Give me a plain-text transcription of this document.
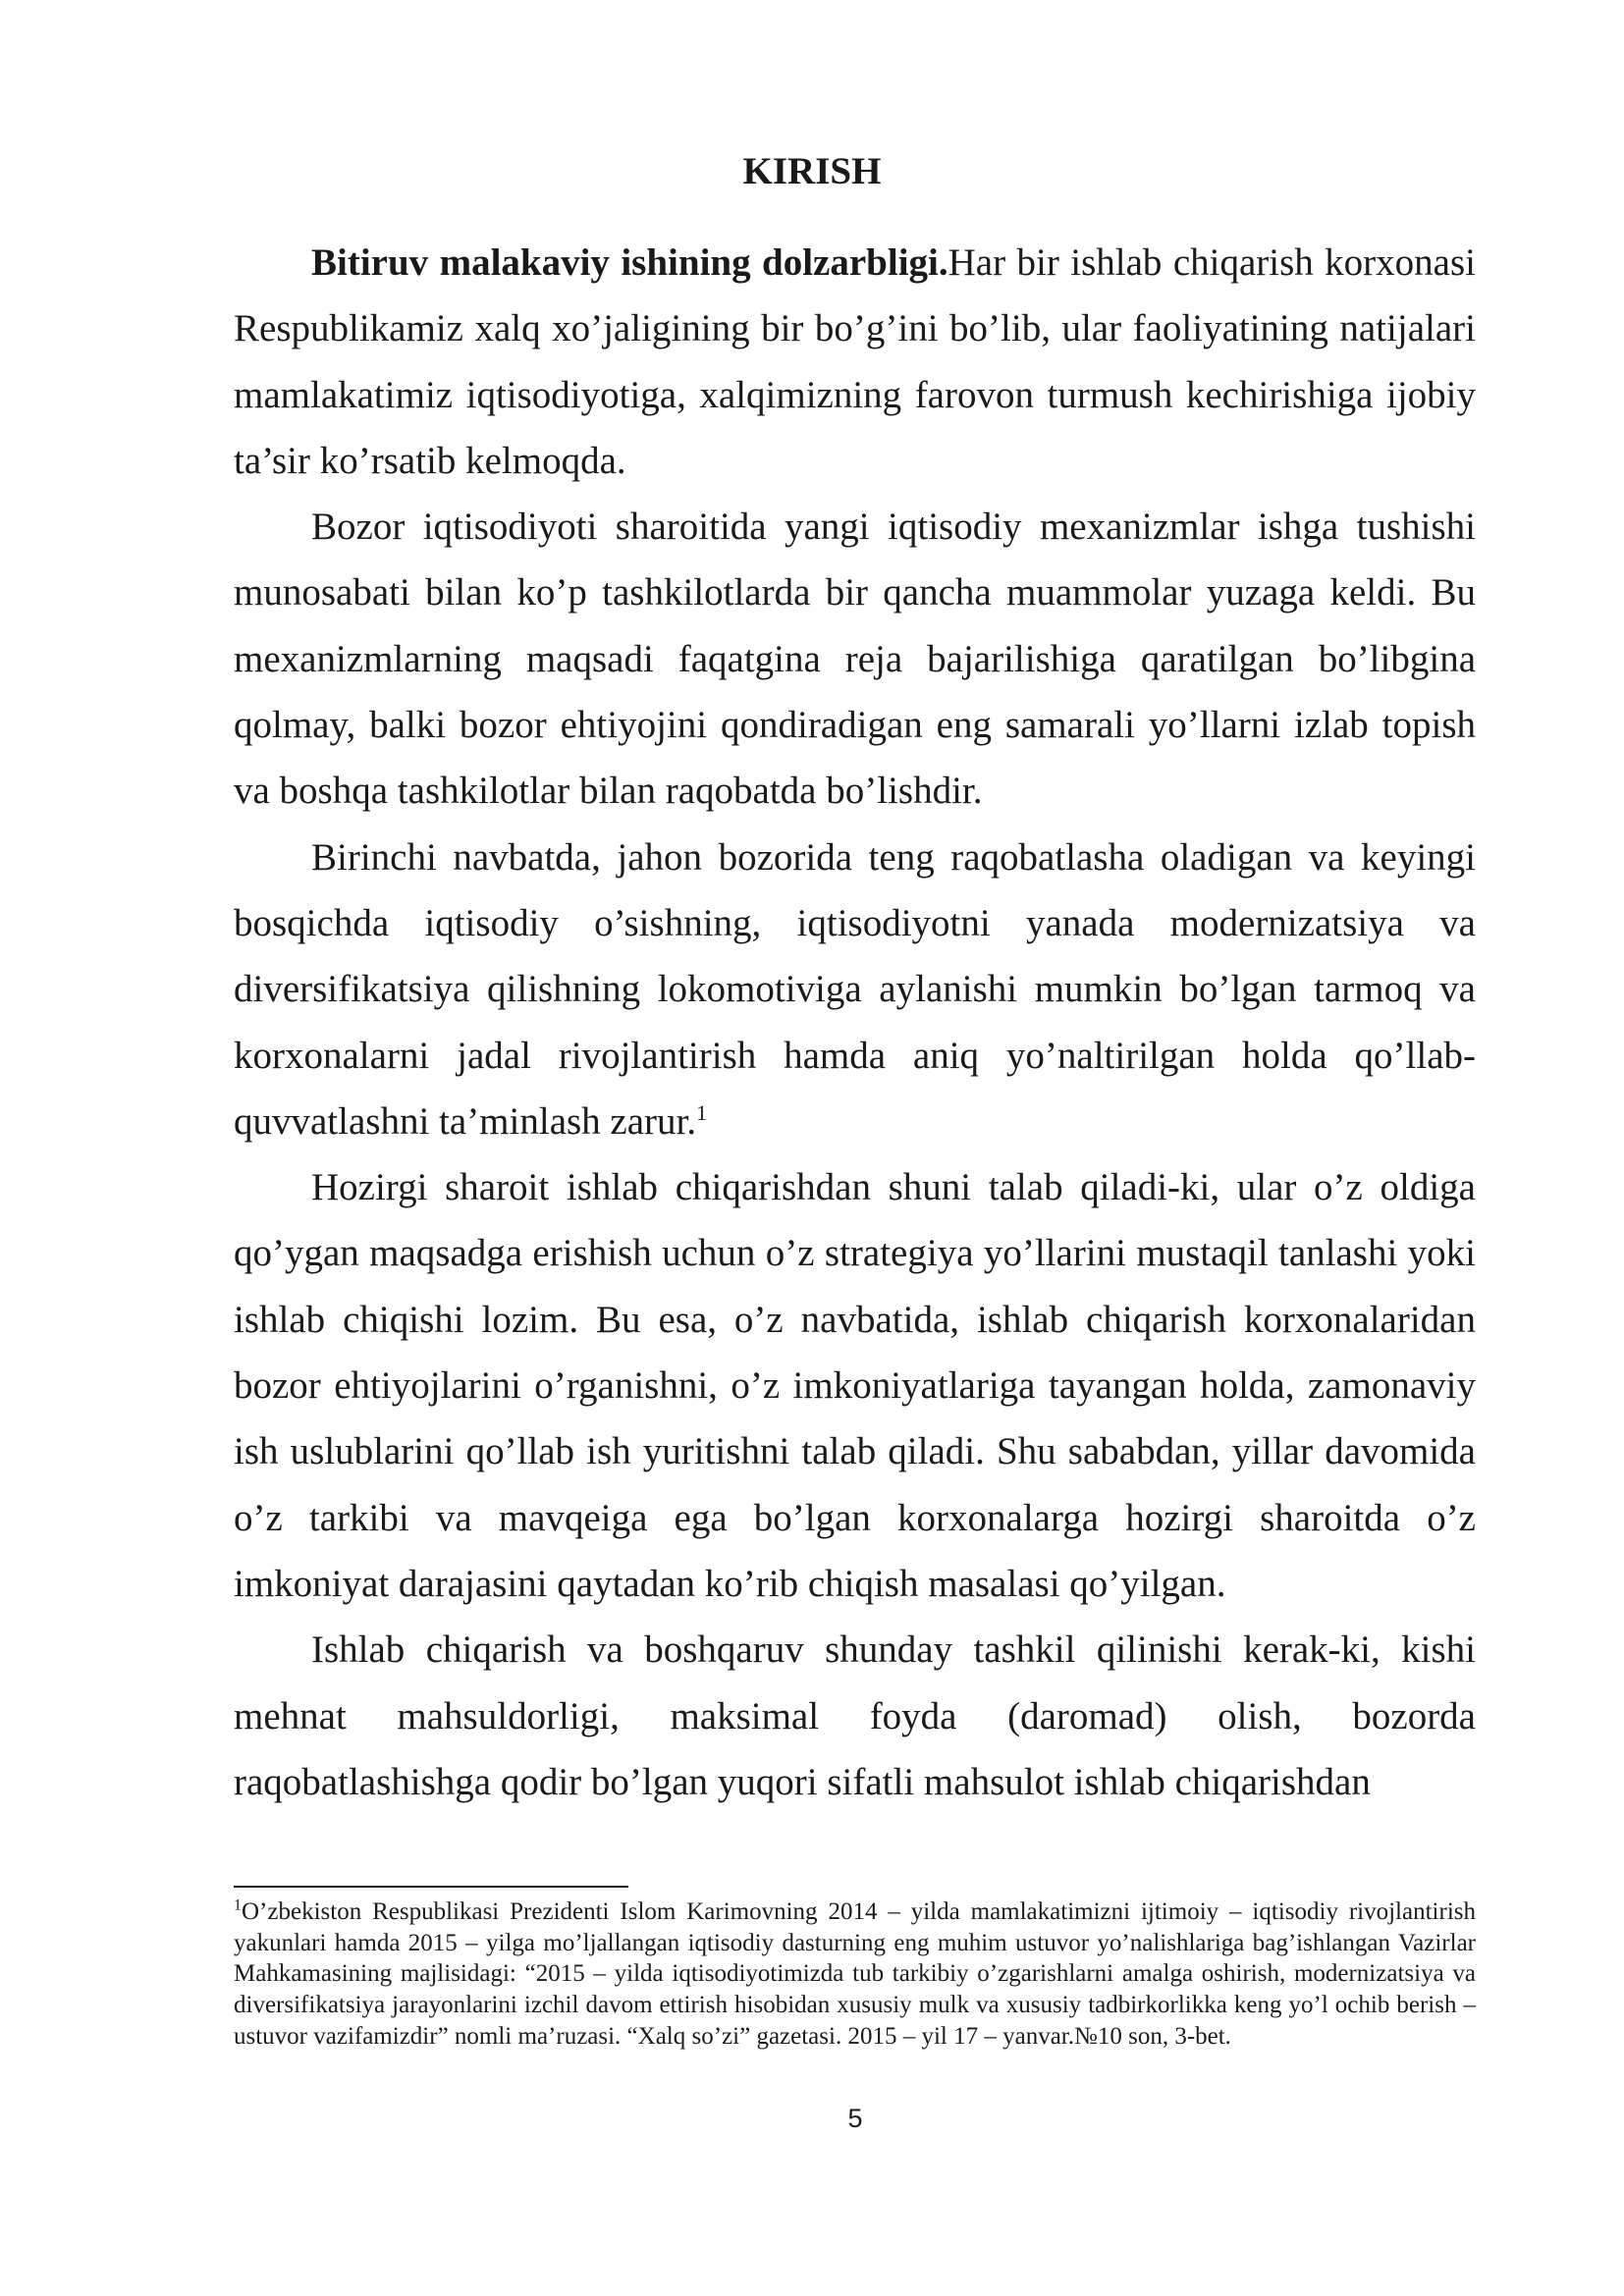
KIRISH

Bitiruv malakaviy ishining dolzarbligi.Har bir ishlab chiqarish korxonasi Respublikamiz xalq xo’jaligining bir bo’g’ini bo’lib, ular faoliyatining natijalari mamlakatimiz iqtisodiyotiga, xalqimizning farovon turmush kechirishiga ijobiy ta’sir ko’rsatib kelmoqda.

Bozor iqtisodiyoti sharoitida yangi iqtisodiy mexanizmlar ishga tushishi munosabati bilan ko’p tashkilotlarda bir qancha muammolar yuzaga keldi. Bu mexanizmlarning maqsadi faqatgina reja bajarilishiga qaratilgan bo’libgina qolmay, balki bozor ehtiyojini qondiradigan eng samarali yo’llarni izlab topish va boshqa tashkilotlar bilan raqobatda bo’lishdir.

Birinchi navbatda, jahon bozorida teng raqobatlasha oladigan va keyingi bosqichda iqtisodiy o’sishning, iqtisodiyotni yanada modernizatsiya va diversifikatsiya qilishning lokomotiviga aylanishi mumkin bo’lgan tarmoq va korxonalarni jadal rivojlantirish hamda aniq yo’naltirilgan holda qo’llab-quvvatlashni ta’minlash zarur.$^1$

Hozirgi sharoit ishlab chiqarishdan shuni talab qiladi-ki, ular o’z oldiga qo’ygan maqsadga erishish uchun o’z strategiya yo’llarini mustaqil tanlashi yoki ishlab chiqishi lozim. Bu esa, o’z navbatida, ishlab chiqarish korxonalaridan bozor ehtiyojlarini o’rganishni, o’z imkoniyatlariga tayangan holda, zamonaviy ish uslublarini qo’llab ish yuritishni talab qiladi. Shu sababdan, yillar davomida o’z tarkibi va mavqeiga ega bo’lgan korxonalarga hozirgi sharoitda o’z imkoniyat darajasini qaytadan ko’rib chiqish masalasi qo’yilgan.

Ishlab chiqarish va boshqaruv shunday tashkil qilinishi kerak-ki, kishi mehnat mahsuldorligi, maksimal foyda (daromad) olish, bozorda raqobatlashishga qodir bo’lgan yuqori sifatli mahsulot ishlab chiqarishdan

$^1$O’zbekiston Respublikasi Prezidenti Islom Karimovning 2014 – yilda mamlakatimizni ijtimoiy – iqtisodiy rivojlantirish yakunlari hamda 2015 – yilga mo’ljallangan iqtisodiy dasturning eng muhim ustuvor yo’nalishlariga bag’ishlangan Vazirlar Mahkamasining majlisidagi: “2015 – yilda iqtisodiyotimizda tub tarkibiy o’zgarishlarni amalga oshirish, modernizatsiya va diversifikatsiya jarayonlarini izchil davom ettirish hisobidan xususiy mulk va xususiy tadbirkorlikka keng yo’l ochib berish – ustuvor vazifamizdir” nomli ma’ruzasi. “Xalq so’zi” gazetasi. 2015 – yil 17 – yanvar.№10 son, 3-bet.
5
